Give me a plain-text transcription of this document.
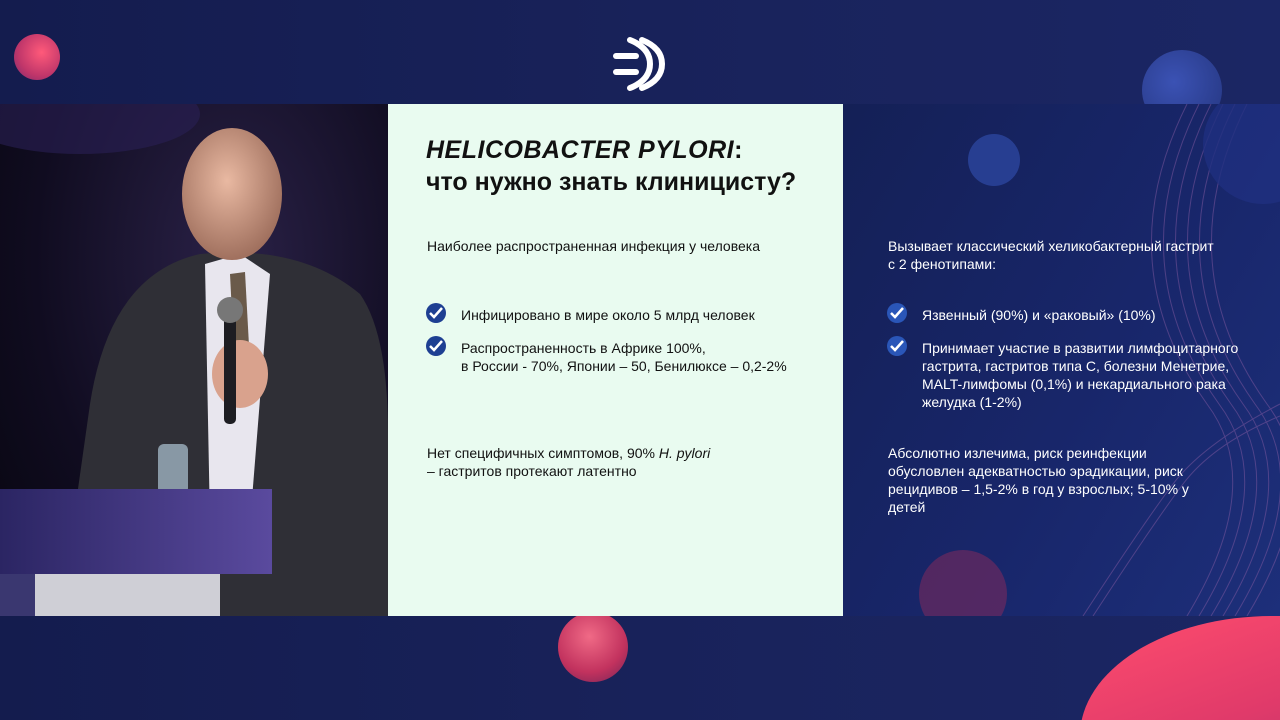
HELICOBACTER PYLORI:
что нужно знать клиницисту?
Наиболее распространенная инфекция у человека
Инфицировано в мире около 5 млрд человек
Распространенность в Африке 100%,
в России - 70%, Японии – 50, Бенилюксе – 0,2-2%
Нет специфичных симптомов, 90% H. pylori
– гастритов протекают латентно
Вызывает классический хеликобактерный гастрит
с 2 фенотипами:
Язвенный (90%) и «раковый» (10%)
Принимает участие в развитии лимфоцитарного
гастрита, гастритов типа С, болезни Менетрие,
MALT-лимфомы (0,1%) и некардиального рака
желудка (1-2%)
Абсолютно излечима, риск реинфекции
обусловлен адекватностью эрадикации, риск
рецидивов – 1,5-2% в год у взрослых; 5-10% у
детей
